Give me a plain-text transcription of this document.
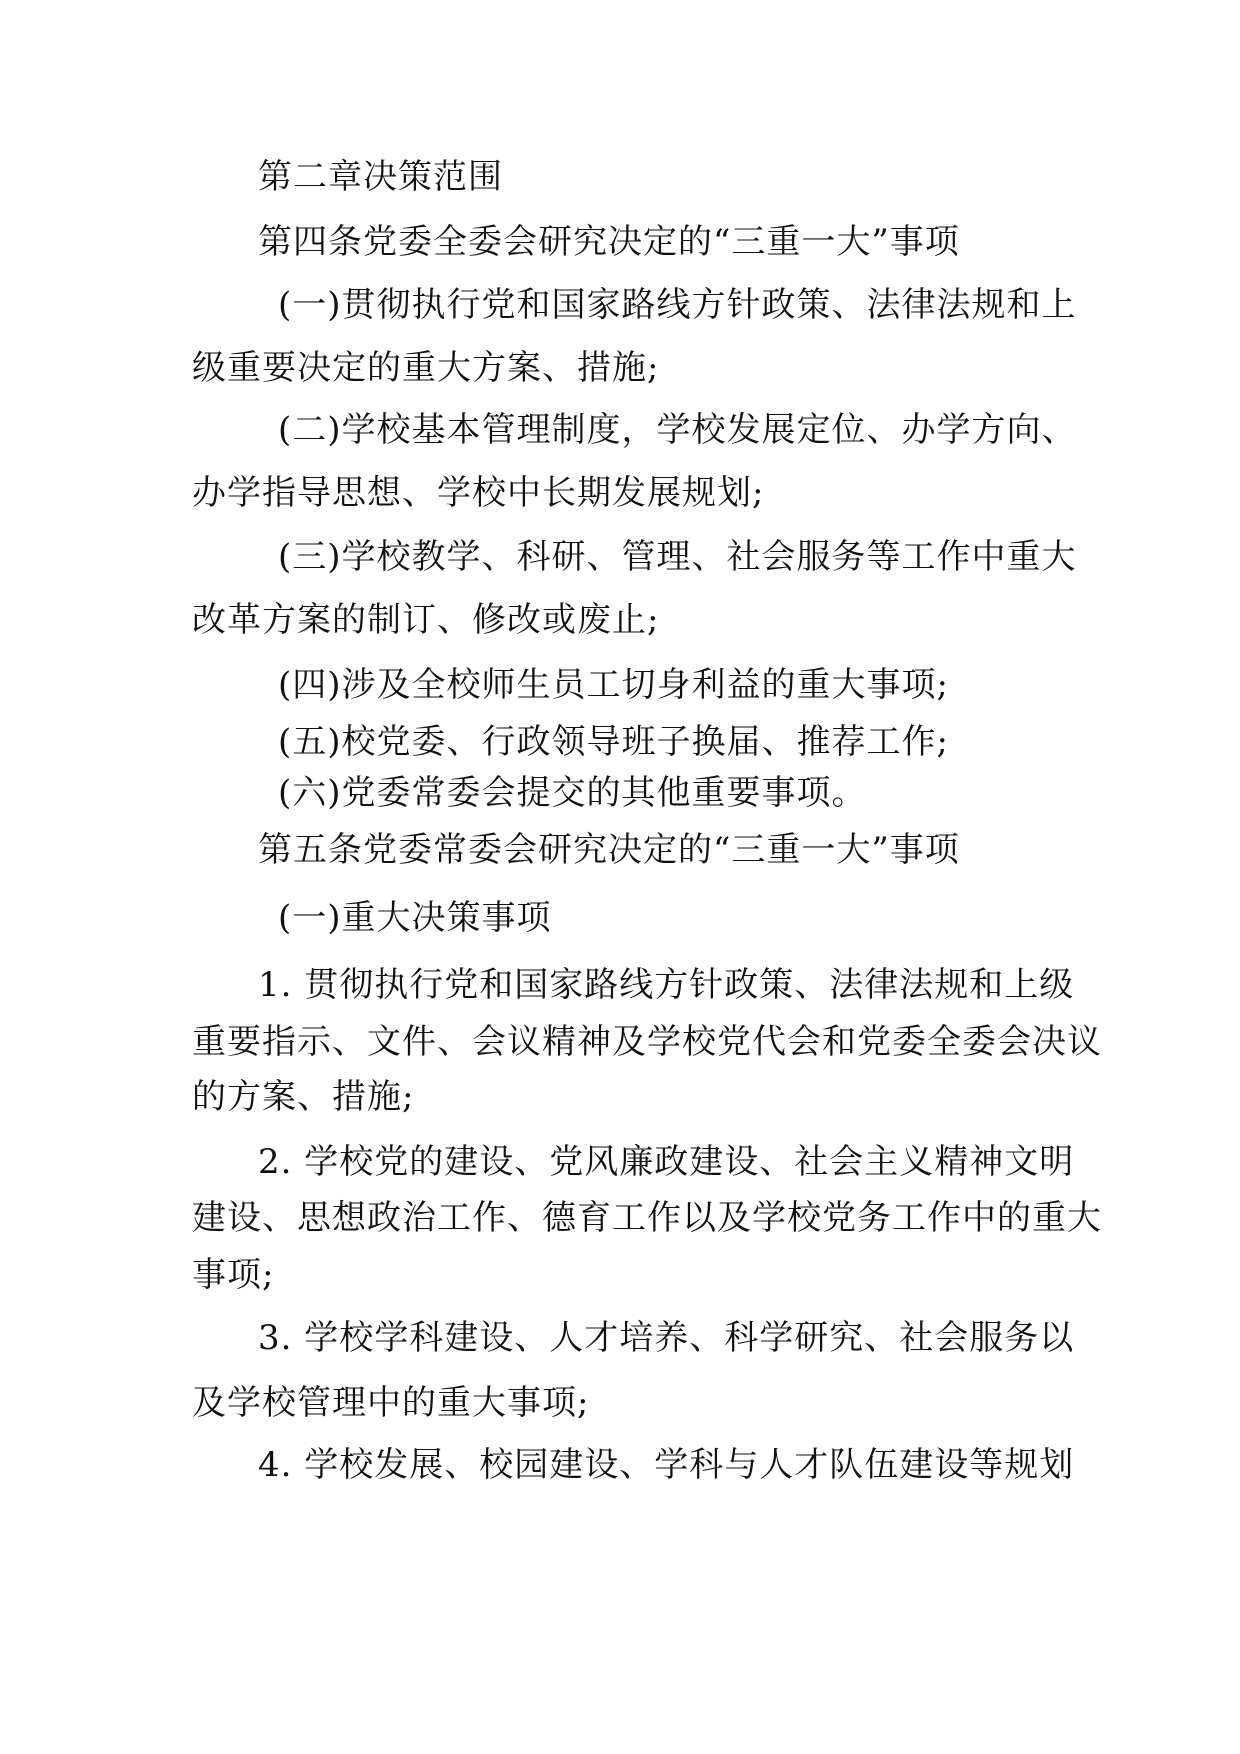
第二章决策范围
第四条党委全委会研究决定的“三重一大”事项
(一)贯彻执行党和国家路线方针政策、法律法规和上
级重要决定的重大方案、措施;
(二)学校基本管理制度，学校发展定位、办学方向、
办学指导思想、学校中长期发展规划;
(三)学校教学、科研、管理、社会服务等工作中重大
改革方案的制订、修改或废止;
(四)涉及全校师生员工切身利益的重大事项;
(五)校党委、行政领导班子换届、推荐工作;
(六)党委常委会提交的其他重要事项。
第五条党委常委会研究决定的“三重一大”事项
(一)重大决策事项
1. 贯彻执行党和国家路线方针政策、法律法规和上级
重要指示、文件、会议精神及学校党代会和党委全委会决议
的方案、措施;
2. 学校党的建设、党风廉政建设、社会主义精神文明
建设、思想政治工作、德育工作以及学校党务工作中的重大
事项;
3. 学校学科建设、人才培养、科学研究、社会服务以
及学校管理中的重大事项;
4. 学校发展、校园建设、学科与人才队伍建设等规划
